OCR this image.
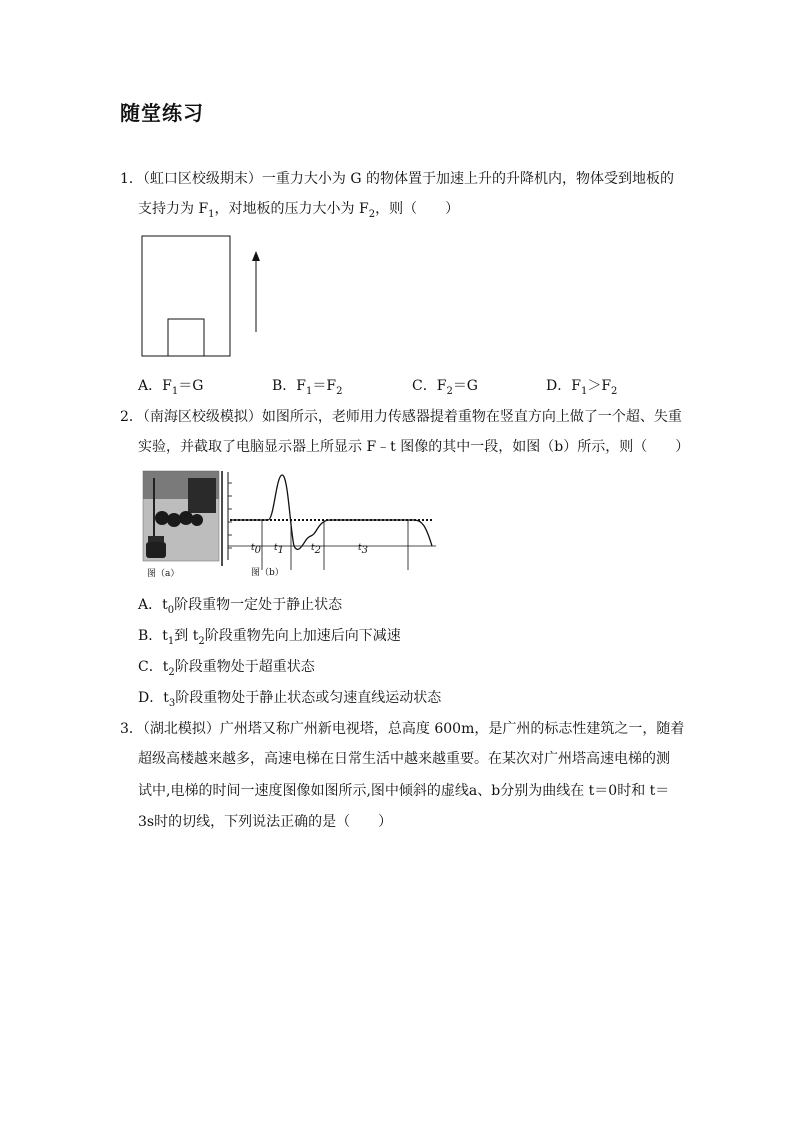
随堂练习
1．（虹口区校级期末）一重力大小为 G 的物体置于加速上升的升降机内，物体受到地板的
支持力为 $F_1$，对地板的压力大小为 $F_2$，则（　　）
A．$F_1=G$	B．$F_1=F_2$	C．$F_2=G$	D．$F_1>F_2$
2．（南海区校级模拟）如图所示，老师用力传感器提着重物在竖直方向上做了一个超、失重
实验，并截取了电脑显示器上所显示 F﹣t 图像的其中一段，如图（b）所示，则（　　）
图（b）
图（a）
$t_0$ $t_1$	$t_2$	$t_3$
A．$t_0$阶段重物一定处于静止状态
B．$t_1$到 $t_2$阶段重物先向上加速后向下减速
C．$t_2$阶段重物处于超重状态
D．$t_3$阶段重物处于静止状态或匀速直线运动状态
3．（湖北模拟）广州塔又称广州新电视塔，总高度 600m，是广州的标志性建筑之一，随着
超级高楼越来越多，高速电梯在日常生活中越来越重要。在某次对广州塔高速电梯的测
试中,电梯的时间一速度图像如图所示,图中倾斜的虚线a、b分别为曲线在 t＝0时和 t＝
3s时的切线，下列说法正确的是（　　）
